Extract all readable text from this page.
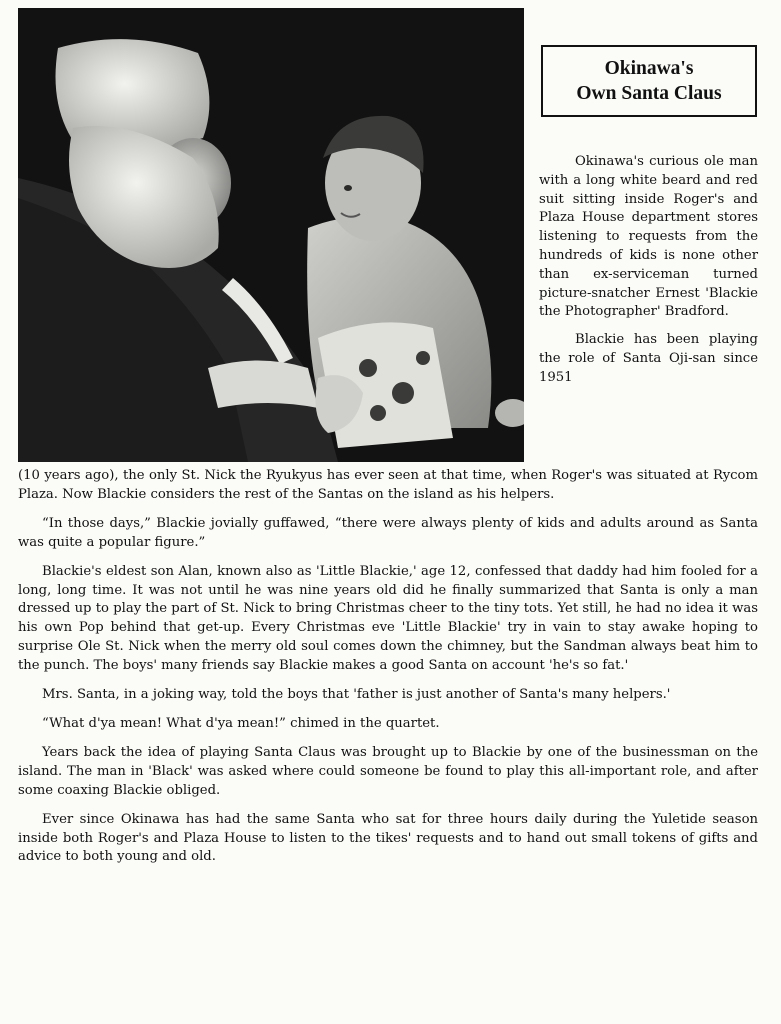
Okinawa's
Own Santa Claus

Okinawa's curious ole man with a long white beard and red suit sitting inside Roger's and Plaza House department stores listening to requests from the hundreds of kids is none other than ex-serviceman turned picture-snatcher Ernest 'Blackie the Photographer' Bradford.

Blackie has been playing the role of Santa Oji-san since 1951

(10 years ago), the only St. Nick the Ryukyus has ever seen at that time, when Roger's was situated at Rycom Plaza. Now Blackie considers the rest of the Santas on the island as his helpers.

“In those days,” Blackie jovially guffawed, “there were always plenty of kids and adults around as Santa was quite a popular figure.”

Blackie's eldest son Alan, known also as 'Little Blackie,' age 12, confessed that daddy had him fooled for a long, long time. It was not until he was nine years old did he finally summarized that Santa is only a man dressed up to play the part of St. Nick to bring Christmas cheer to the tiny tots. Yet still, he had no idea it was his own Pop behind that get-up. Every Christmas eve 'Little Blackie' try in vain to stay awake hoping to surprise Ole St. Nick when the merry old soul comes down the chimney, but the Sandman always beat him to the punch. The boys' many friends say Blackie makes a good Santa on account 'he's so fat.'

Mrs. Santa, in a joking way, told the boys that 'father is just another of Santa's many helpers.'

“What d'ya mean! What d'ya mean!” chimed in the quartet.

Years back the idea of playing Santa Claus was brought up to Blackie by one of the businessman on the island. The man in 'Black' was asked where could someone be found to play this all-important role, and after some coaxing Blackie obliged.

Ever since Okinawa has had the same Santa who sat for three hours daily during the Yuletide season inside both Roger's and Plaza House to listen to the tikes' requests and to hand out small tokens of gifts and advice to both young and old.
